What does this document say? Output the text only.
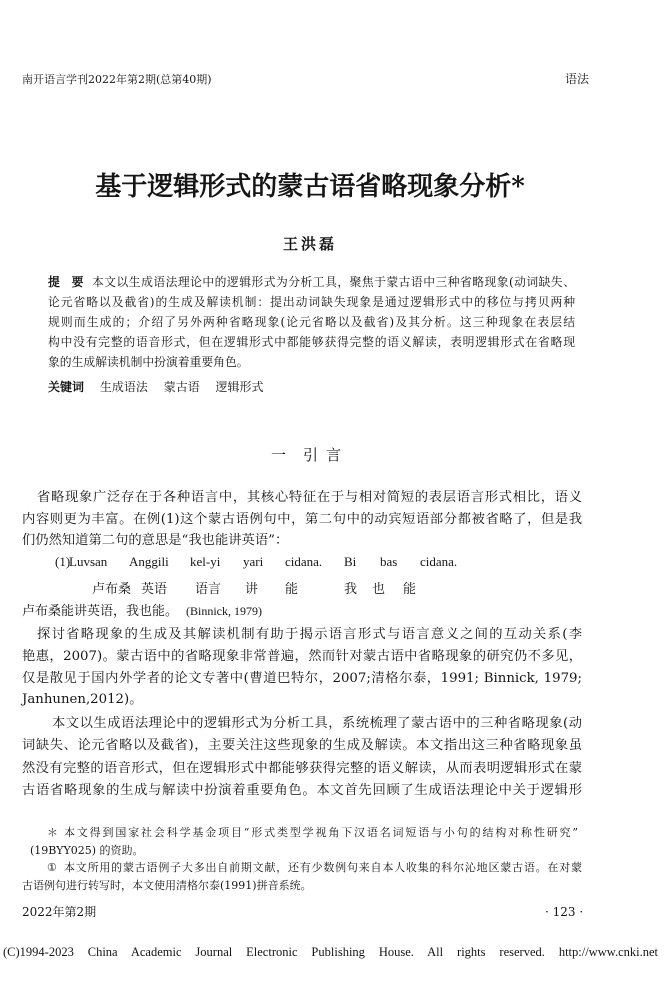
南开语言学刊2022年第2期(总第40期)	语法
基于逻辑形式的蒙古语省略现象分析*
王洪磊
提　要 本文以生成语法理论中的逻辑形式为分析工具，聚焦于蒙古语中三种省略现象(动词缺失、
论元省略以及截省)的生成及解读机制：提出动词缺失现象是通过逻辑形式中的移位与拷贝两种
规则而生成的；介绍了另外两种省略现象(论元省略以及截省)及其分析。这三种现象在表层结
构中没有完整的语音形式，但在逻辑形式中都能够获得完整的语义解读，表明逻辑形式在省略现
象的生成解读机制中扮演着重要角色。
关键词 生成语法 蒙古语 逻辑形式
一 引言
省略现象广泛存在于各种语言中，其核心特征在于与相对简短的表层语言形式相比，语义
内容则更为丰富。在例(1)这个蒙古语例句中，第二句中的动宾短语部分都被省略了，但是我
们仍然知道第二句的意思是“我也能讲英语”：
(1)
Luvsan Anggili kel-yi yari cidana. Bi bas cidana.
卢布桑 英语 语言 讲 能	我 也 能
卢布桑能讲英语，我也能。 (Binnick, 1979)
探讨省略现象的生成及其解读机制有助于揭示语言形式与语言意义之间的互动关系(李
艳惠，2007)。蒙古语中的省略现象非常普遍，然而针对蒙古语中省略现象的研究仍不多见，
仅是散见于国内外学者的论文专著中(曹道巴特尔，2007;清格尔泰，1991; Binnick, 1979;
Janhunen,2012)。
本文以生成语法理论中的逻辑形式为分析工具，系统梳理了蒙古语中的三种省略现象(动
词缺失、论元省略以及截省)，主要关注这些现象的生成及解读。本文指出这三种省略现象虽
然没有完整的语音形式，但在逻辑形式中都能够获得完整的语义解读，从而表明逻辑形式在蒙
古语省略现象的生成与解读中扮演着重要角色。本文首先回顾了生成语法理论中关于逻辑形
＊ 本文得到国家社会科学基金项目“形式类型学视角下汉语名词短语与小句的结构对称性研究”
(19BYY025) 的资助。
① 本文所用的蒙古语例子大多出自前期文献，还有少数例句来自本人收集的科尔沁地区蒙古语。在对蒙
古语例句进行转写时，本文使用清格尔泰(1991)拼音系统。
2022年第2期	· 123 ·
(C)1994-2023 China Academic Journal Electronic Publishing House. All rights reserved. http://www.cnki.net
